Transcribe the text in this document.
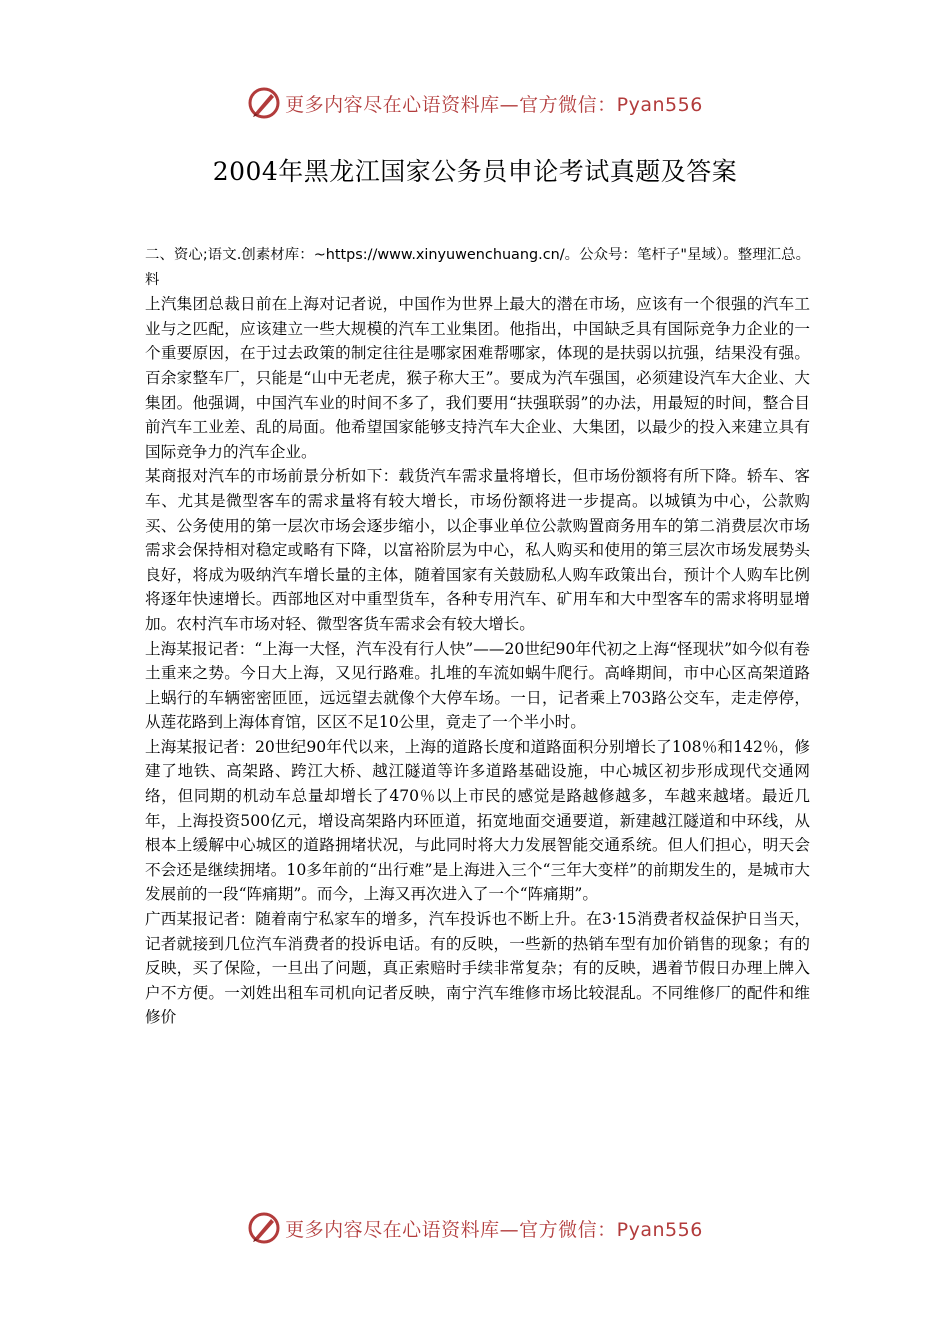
更多内容尽在心语资料库—官方微信：Pyan556
2004年黑龙江国家公务员申论考试真题及答案

二、资心;语文.创素材库：~https://www.xinyuwenchuang.cn/。公众号：笔杆子"星域）。整理汇总。料

上汽集团总裁日前在上海对记者说，中国作为世界上最大的潜在市场，应该有一个很强的汽车工业与之匹配，应该建立一些大规模的汽车工业集团。他指出，中国缺乏具有国际竞争力企业的一个重要原因，在于过去政策的制定往往是哪家困难帮哪家，体现的是扶弱以抗强，结果没有强。百余家整车厂，只能是“山中无老虎，猴子称大王”。要成为汽车强国，必须建设汽车大企业、大集团。他强调，中国汽车业的时间不多了，我们要用“扶强联弱”的办法，用最短的时间，整合目前汽车工业差、乱的局面。他希望国家能够支持汽车大企业、大集团，以最少的投入来建立具有国际竞争力的汽车企业。

某商报对汽车的市场前景分析如下：载货汽车需求量将增长，但市场份额将有所下降。轿车、客车、尤其是微型客车的需求量将有较大增长，市场份额将进一步提高。以城镇为中心，公款购买、公务使用的第一层次市场会逐步缩小，以企事业单位公款购置商务用车的第二消费层次市场需求会保持相对稳定或略有下降，以富裕阶层为中心，私人购买和使用的第三层次市场发展势头良好，将成为吸纳汽车增长量的主体，随着国家有关鼓励私人购车政策出台，预计个人购车比例将逐年快速增长。西部地区对中重型货车，各种专用汽车、矿用车和大中型客车的需求将明显增加。农村汽车市场对轻、微型客货车需求会有较大增长。

上海某报记者：“上海一大怪，汽车没有行人快”——20世纪90年代初之上海“怪现状”如今似有卷土重来之势。今日大上海，又见行路难。扎堆的车流如蜗牛爬行。高峰期间，市中心区高架道路上蜗行的车辆密密匝匝，远远望去就像个大停车场。一日，记者乘上703路公交车，走走停停，从莲花路到上海体育馆，区区不足10公里，竟走了一个半小时。

上海某报记者：20世纪90年代以来，上海的道路长度和道路面积分别增长了108％和142％，修建了地铁、高架路、跨江大桥、越江隧道等许多道路基础设施，中心城区初步形成现代交通网络，但同期的机动车总量却增长了470％以上市民的感觉是路越修越多，车越来越堵。最近几年，上海投资500亿元，增设高架路内环匝道，拓宽地面交通要道，新建越江隧道和中环线，从根本上缓解中心城区的道路拥堵状况，与此同时将大力发展智能交通系统。但人们担心，明天会不会还是继续拥堵。10多年前的“出行难”是上海进入三个“三年大变样”的前期发生的，是城市大发展前的一段“阵痛期”。而今，上海又再次进入了一个“阵痛期”。

广西某报记者：随着南宁私家车的增多，汽车投诉也不断上升。在3·15消费者权益保护日当天，记者就接到几位汽车消费者的投诉电话。有的反映，一些新的热销车型有加价销售的现象；有的反映，买了保险，一旦出了问题，真正索赔时手续非常复杂；有的反映，遇着节假日办理上牌入户不方便。一刘姓出租车司机向记者反映，南宁汽车维修市场比较混乱。不同维修厂的配件和维修价

更多内容尽在心语资料库—官方微信：Pyan556
